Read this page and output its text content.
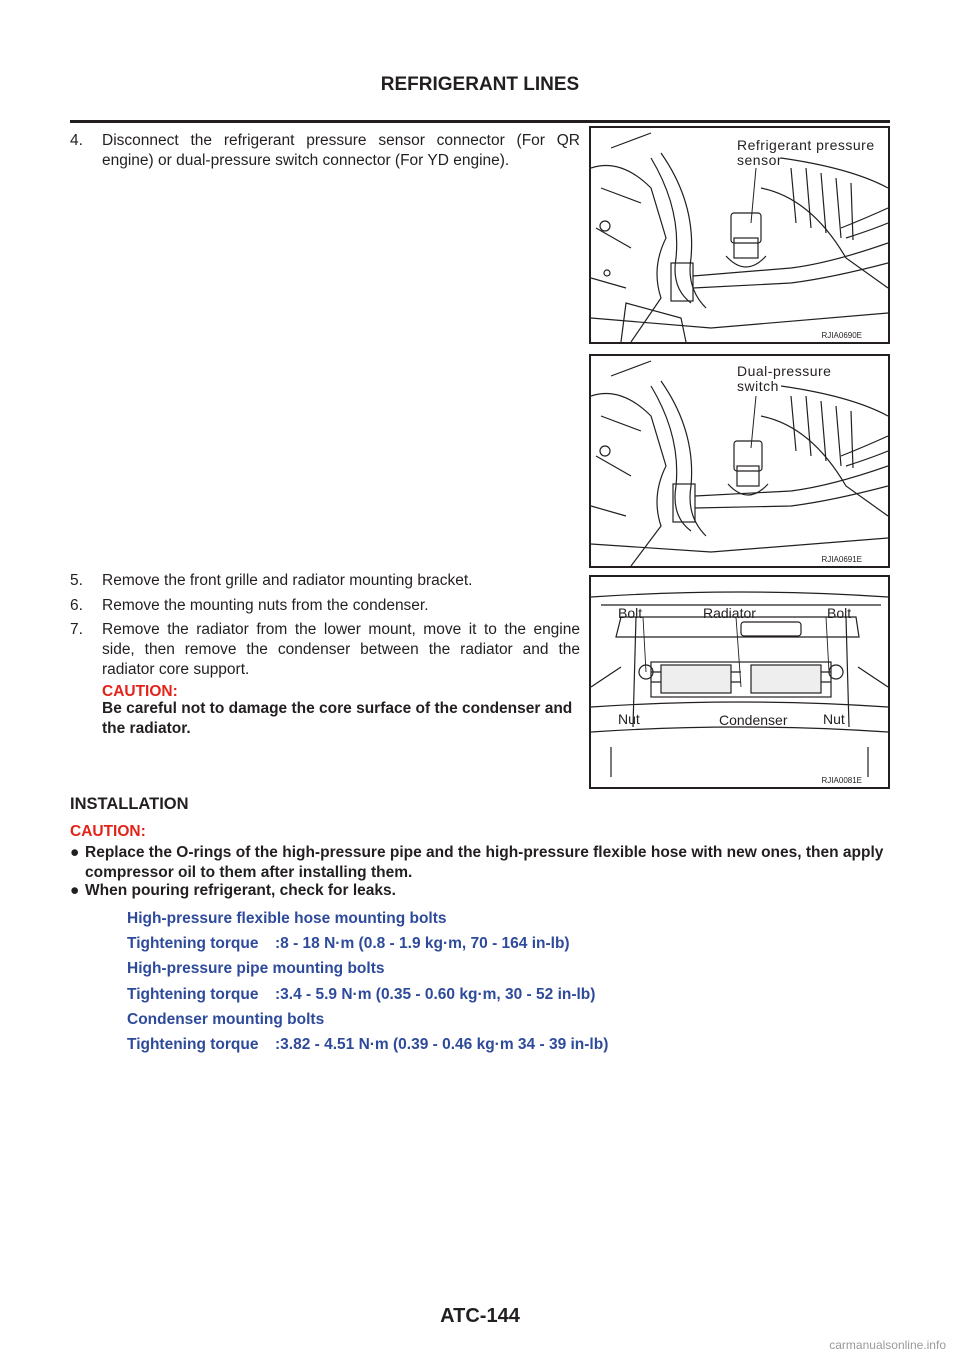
REFRIGERANT LINES
4. Disconnect the refrigerant pressure sensor connector (For QR engine) or dual-pressure switch connector (For YD engine).
Refrigerant pressure
sensor
RJIA0690E
Dual-pressure
switch
RJIA0691E
5. Remove the front grille and radiator mounting bracket.
6. Remove the mounting nuts from the condenser.
7. Remove the radiator from the lower mount, move it to the engine side, then remove the condenser between the radiator and the radiator core support.
CAUTION:
Be careful not to damage the core surface of the condenser and the radiator.
Bolt	Radiator	Bolt
Nut	Condenser	Nut
RJIA0081E
INSTALLATION
CAUTION:
● Replace the O-rings of the high-pressure pipe and the high-pressure flexible hose with new ones, then apply compressor oil to them after installing them.
● When pouring refrigerant, check for leaks.
High-pressure flexible hose mounting bolts
Tightening torque :8 - 18 N·m (0.8 - 1.9 kg·m, 70 - 164 in-lb)
High-pressure pipe mounting bolts
Tightening torque :3.4 - 5.9 N·m (0.35 - 0.60 kg·m, 30 - 52 in-lb)
Condenser mounting bolts
Tightening torque :3.82 - 4.51 N·m (0.39 - 0.46 kg·m 34 - 39 in-lb)
ATC-144
carmanualsonline.info
